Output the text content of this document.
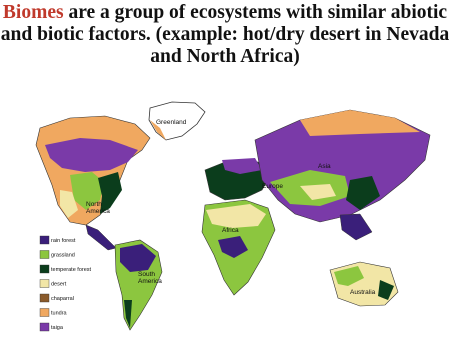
Greenland
Asia
Europe
North America
Africa
South America
Australia
rain forest
grassland
temperate forest
desert
chaparral
tundra
taiga
Biomes are a group of ecosystems with similar abiotic and biotic factors. (example: hot/dry desert in Nevada and North Africa)
